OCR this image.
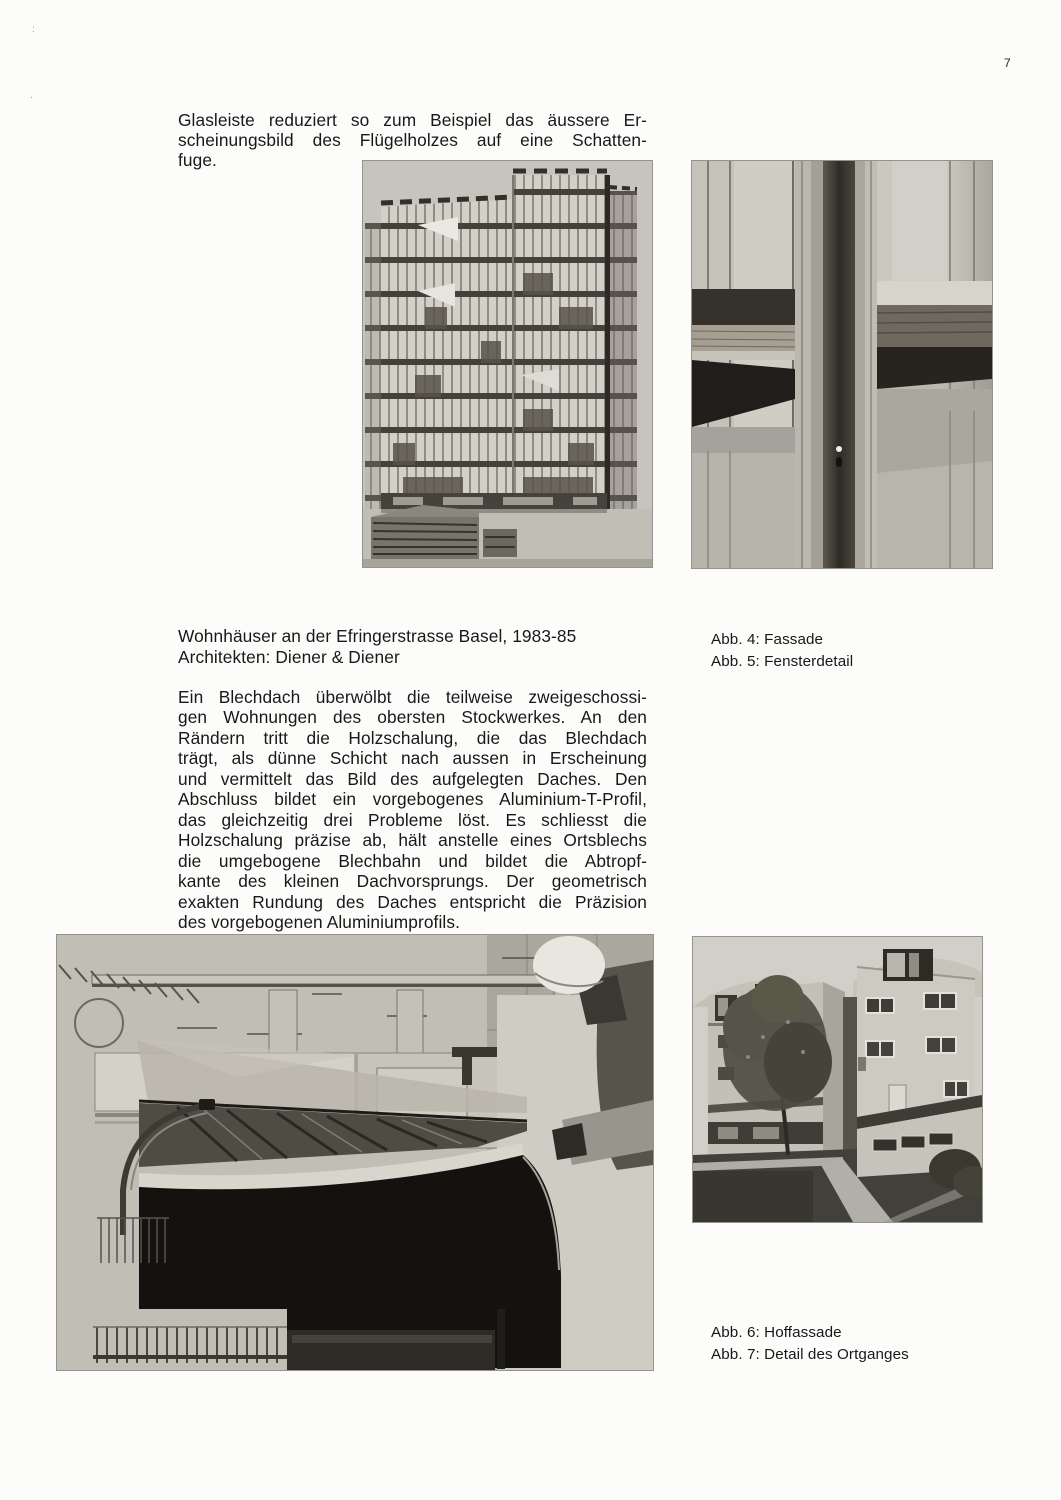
:
.
7
Glasleiste reduziert so zum Beispiel das äussere Er-
scheinungsbild des Flügelholzes auf eine Schatten-
fuge.
Wohnhäuser an der Efringerstrasse Basel, 1983-85
Architekten: Diener & Diener
Abb. 4: Fassade
Abb. 5: Fensterdetail
Ein Blechdach überwölbt die teilweise zweigeschossi-
gen Wohnungen des obersten Stockwerkes. An den
Rändern tritt die Holzschalung, die das Blechdach
trägt, als dünne Schicht nach aussen in Erscheinung
und vermittelt das Bild des aufgelegten Daches. Den
Abschluss bildet ein vorgebogenes Aluminium-T-Profil,
das gleichzeitig drei Probleme löst. Es schliesst die
Holzschalung präzise ab, hält anstelle eines Ortsblechs
die umgebogene Blechbahn und bildet die Abtropf-
kante des kleinen Dachvorsprungs. Der geometrisch
exakten Rundung des Daches entspricht die Präzision
des vorgebogenen Aluminiumprofils.
Abb. 6: Hoffassade
Abb. 7: Detail des Ortganges
